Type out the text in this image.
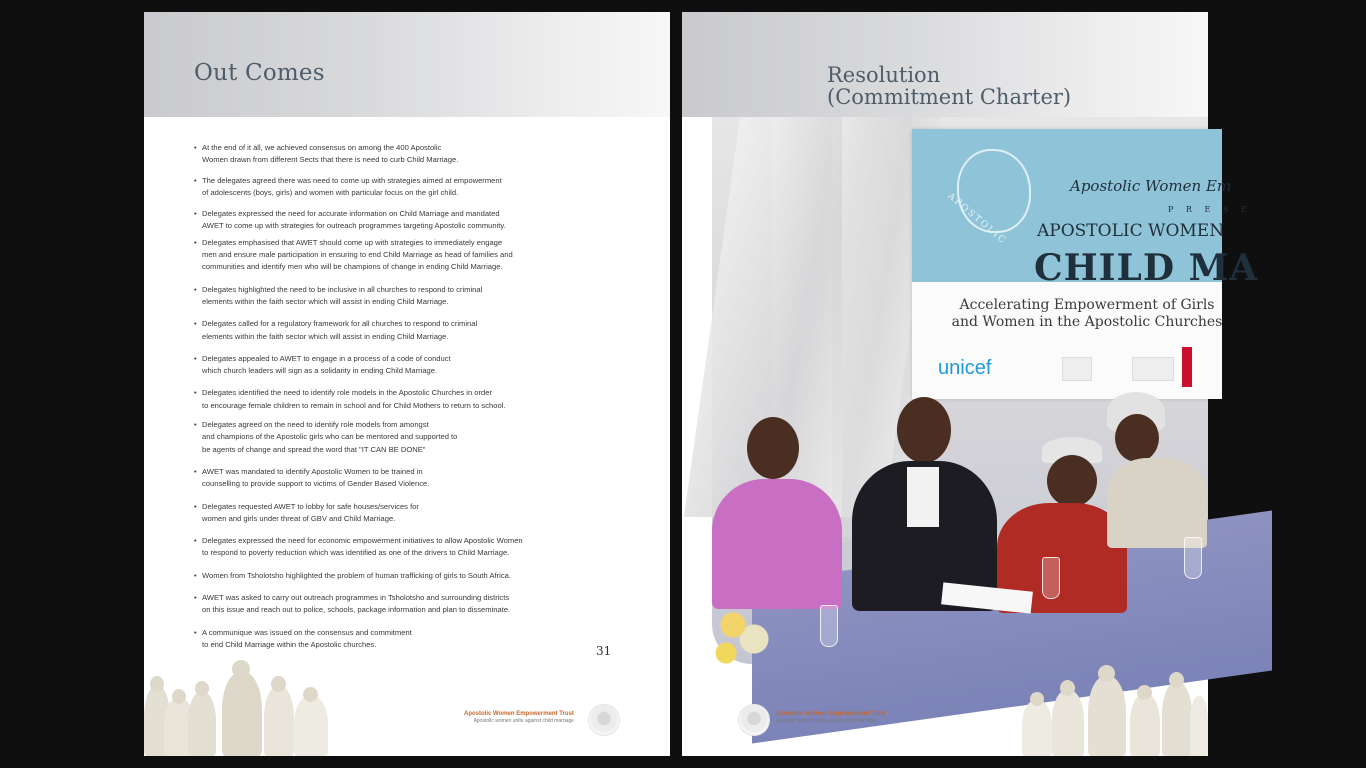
Out Comes
• At the end of it all, we achieved consensus on among the 400 Apostolic
Women drawn from different Sects that there is need to curb Child Marriage.
• The delegates agreed there was need to come up with strategies aimed at empowerment
of adolescents (boys, girls) and women with particular focus on the girl child.
• Delegates expressed the need for accurate information on Child Marriage and mandated
AWET to come up with strategies for outreach programmes targeting Apostolic community.
• Delegates emphasised that AWET should come up with strategies to immediately engage
men and ensure male participation in ensuring to end Child Marriage as head of families and
communities and identify men who will be champions of change in ending Child Marriage.
• Delegates highlighted the need to be inclusive in all churches to respond to criminal
elements within the faith sector which will assist in ending Child Marriage.
• Delegates called for a regulatory framework for all churches to respond to criminal
elements within the faith sector which will assist in ending Child Marriage.
• Delegates appealed to AWET to engage in a process of a code of conduct
which church leaders will sign as a solidarity in ending Child Marriage.
• Delegates identified the need to identify role models in the Apostolic Churches in order
to encourage female children to remain in school and for Child Mothers to return to school.
• Delegates agreed on the need to identify role models from amongst
and champions of the Apostolic girls who can be mentored and supported to
be agents of change and spread the word that "IT CAN BE DONE"
• AWET was mandated to identify Apostolic Women to be trained in
counselling to provide support to victims of Gender Based Violence.
• Delegates requested AWET to lobby for safe houses/services for
women and girls under threat of GBV and Child Marriage.
• Delegates expressed the need for economic empowerment initiatives to allow Apostolic Women
to respond to poverty reduction which was identified as one of the drivers to Child Marriage.
• Women from Tsholotsho highlighted the problem of human trafficking of girls to South Africa.
• AWET was asked to carry out outreach programmes in Tsholotsho and surrounding districts
on this issue and reach out to police, schools, package information and plan to disseminate.
• A communique was issued on the consensus and commitment
to end Child Marriage within the Apostolic churches.	31
Apostolic Women Empowerment Trust
Apostolic women unite against child marriage
Resolution
(Commitment Charter)
APOSTOLIC
Apostolic Women Em
P R E S E
APOSTOLIC WOMEN
CHILD MA
Accelerating Empowerment of Girls
and Women in the Apostolic Churches
unicef
Apostolic Women Empowerment Trust
Apostolic women unite against child marriage
